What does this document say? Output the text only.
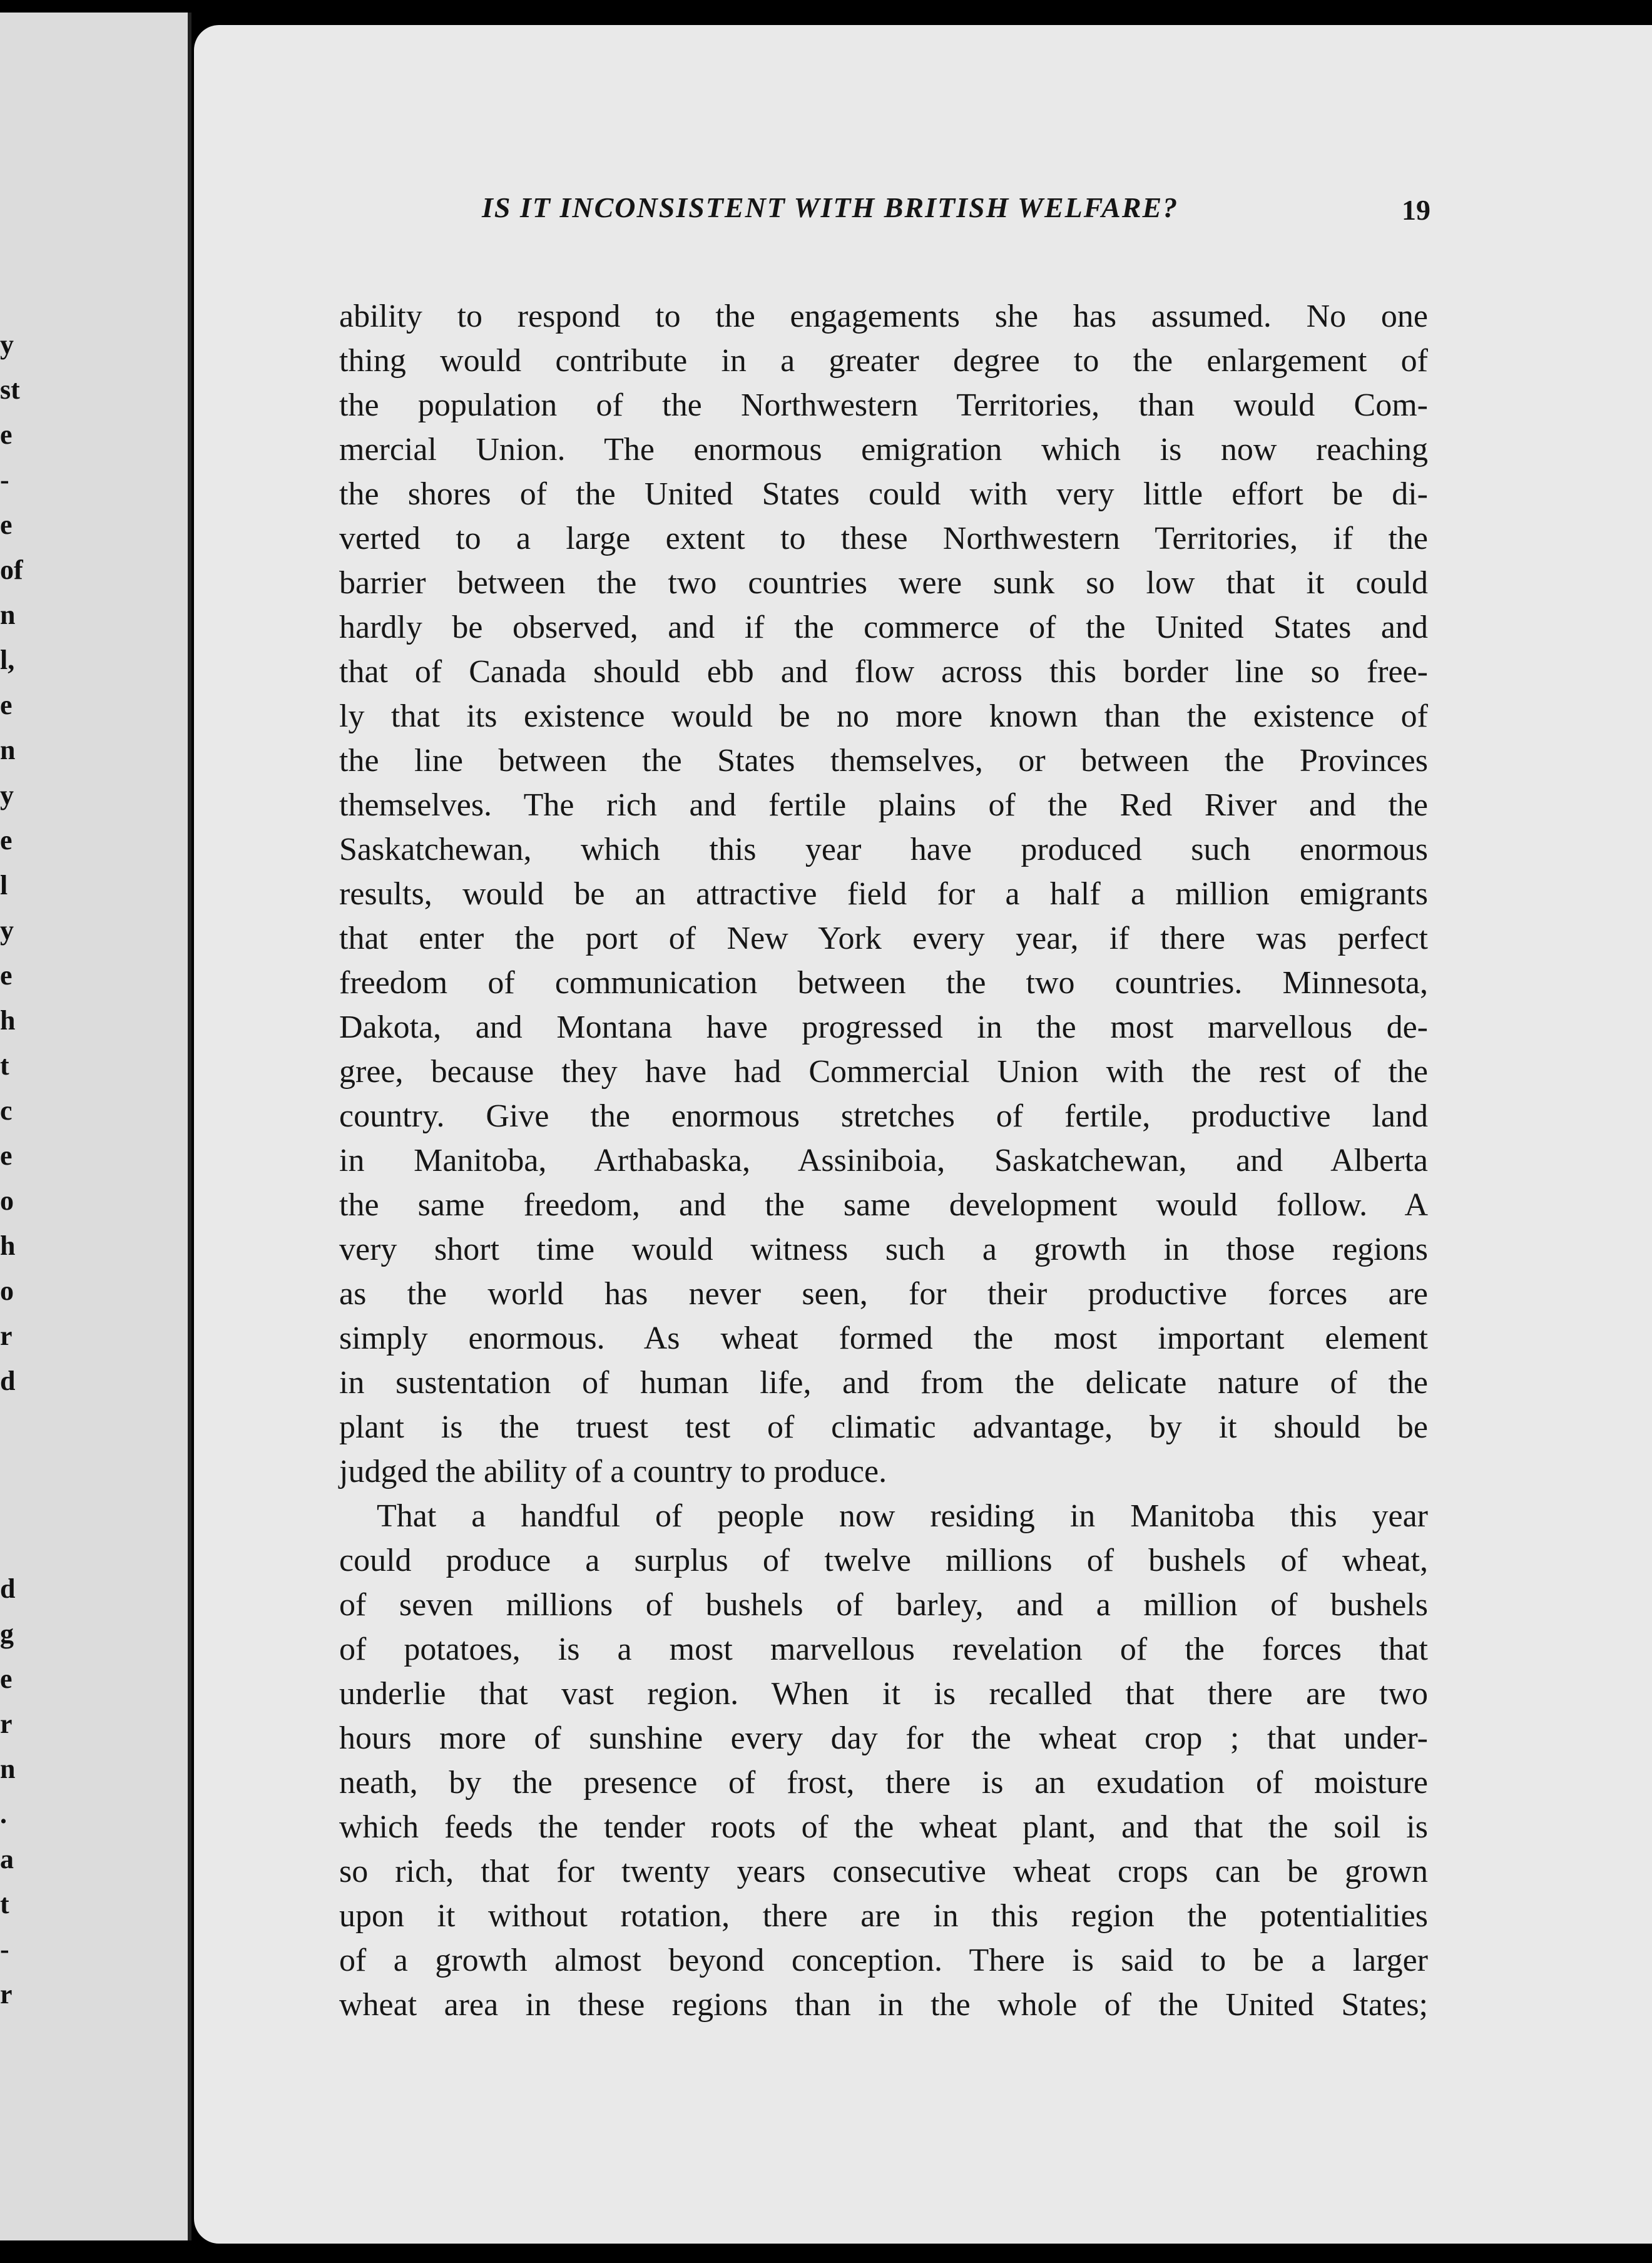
y
st
e
-
e
of
n
l,
e
n
y
e
l
y
e
h
t
c
e
o
h
o
r
d
d
g
e
r
n
.
a
t
-
r
IS IT INCONSISTENT WITH BRITISH WELFARE?	19
ability to respond to the engagements she has assumed. No one
thing would contribute in a greater degree to the enlargement of
the population of the Northwestern Territories, than would Com-
mercial Union. The enormous emigration which is now reaching
the shores of the United States could with very little effort be di-
verted to a large extent to these Northwestern Territories, if the
barrier between the two countries were sunk so low that it could
hardly be observed, and if the commerce of the United States and
that of Canada should ebb and flow across this border line so free-
ly that its existence would be no more known than the existence of
the line between the States themselves, or between the Provinces
themselves. The rich and fertile plains of the Red River and the
Saskatchewan, which this year have produced such enormous
results, would be an attractive field for a half a million emigrants
that enter the port of New York every year, if there was perfect
freedom of communication between the two countries. Minnesota,
Dakota, and Montana have progressed in the most marvellous de-
gree, because they have had Commercial Union with the rest of the
country. Give the enormous stretches of fertile, productive land
in Manitoba, Arthabaska, Assiniboia, Saskatchewan, and Alberta
the same freedom, and the same development would follow. A
very short time would witness such a growth in those regions
as the world has never seen, for their productive forces are
simply enormous. As wheat formed the most important element
in sustentation of human life, and from the delicate nature of the
plant is the truest test of climatic advantage, by it should be
judged the ability of a country to produce.
That a handful of people now residing in Manitoba this year
could produce a surplus of twelve millions of bushels of wheat,
of seven millions of bushels of barley, and a million of bushels
of potatoes, is a most marvellous revelation of the forces that
underlie that vast region. When it is recalled that there are two
hours more of sunshine every day for the wheat crop ; that under-
neath, by the presence of frost, there is an exudation of moisture
which feeds the tender roots of the wheat plant, and that the soil is
so rich, that for twenty years consecutive wheat crops can be grown
upon it without rotation, there are in this region the potentialities
of a growth almost beyond conception. There is said to be a larger
wheat area in these regions than in the whole of the United States;
